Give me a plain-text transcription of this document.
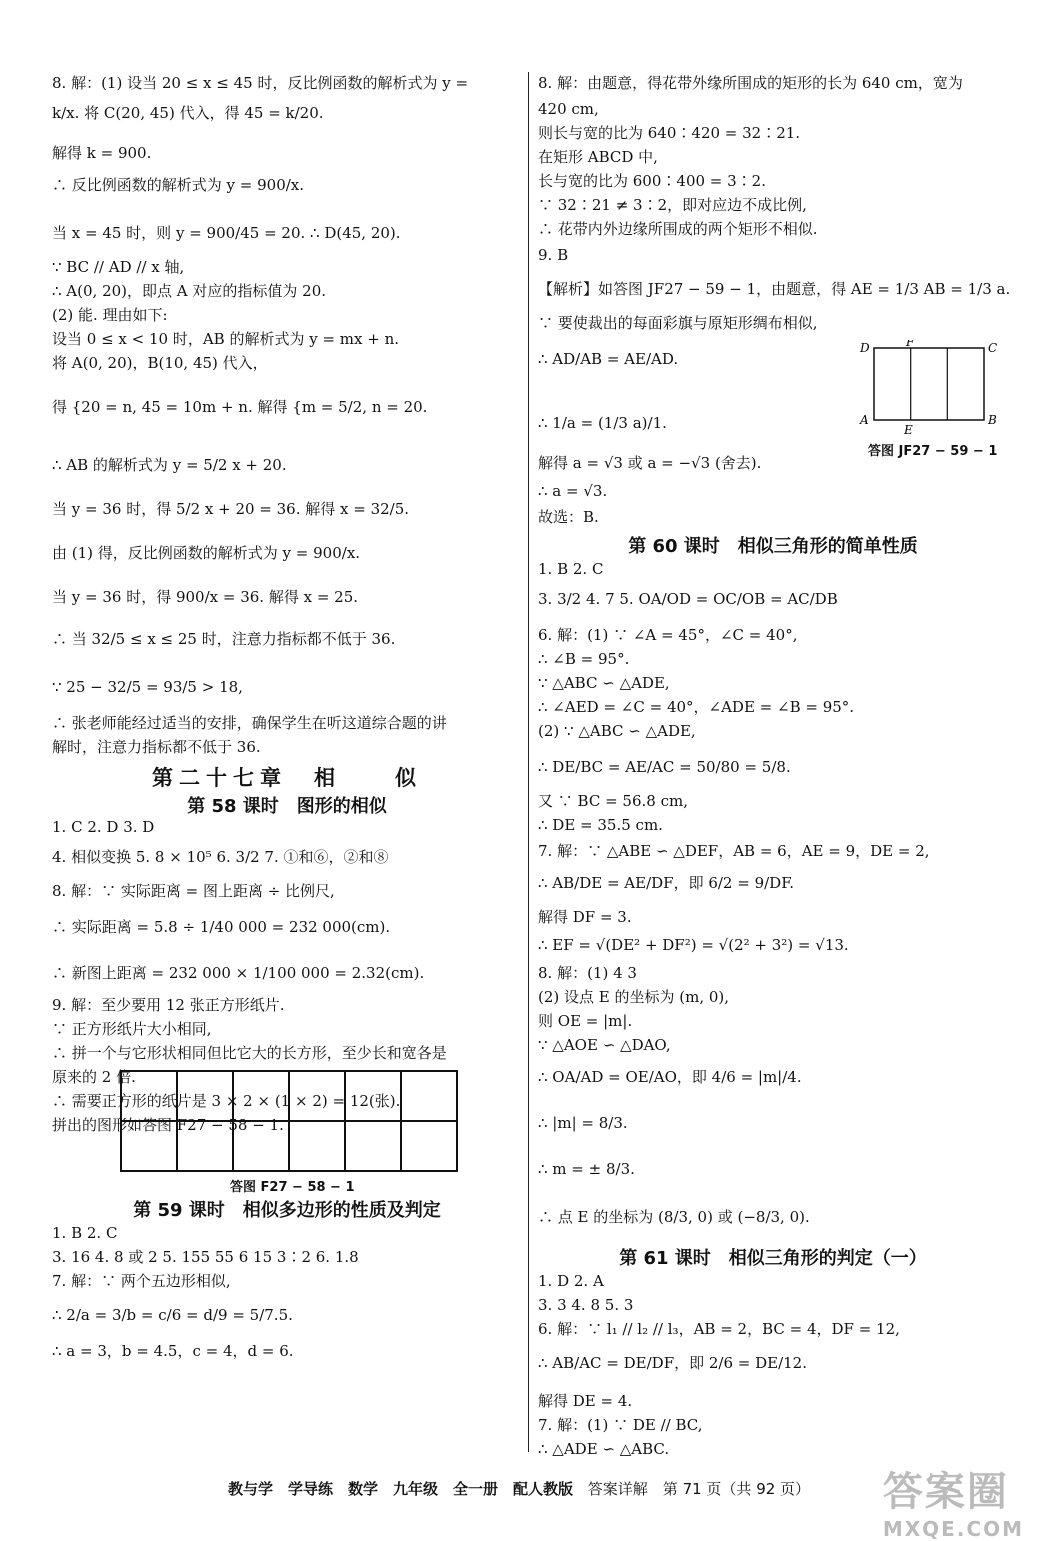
8. 解：(1) 设当 20 ≤ x ≤ 45 时，反比例函数的解析式为 y =
k/x. 将 C(20, 45) 代入，得 45 = k/20.
解得 k = 900.
∴ 反比例函数的解析式为 y = 900/x.
当 x = 45 时，则 y = 900/45 = 20. ∴ D(45, 20).
∵ BC // AD // x 轴,
∴ A(0, 20)，即点 A 对应的指标值为 20.
(2) 能. 理由如下:
设当 0 ≤ x < 10 时，AB 的解析式为 y = mx + n.
将 A(0, 20)，B(10, 45) 代入，
得 {20 = n, 45 = 10m + n. 解得 {m = 5/2, n = 20.
∴ AB 的解析式为 y = 5/2 x + 20.
当 y = 36 时，得 5/2 x + 20 = 36. 解得 x = 32/5.
由 (1) 得，反比例函数的解析式为 y = 900/x.
当 y = 36 时，得 900/x = 36. 解得 x = 25.
∴ 当 32/5 ≤ x ≤ 25 时，注意力指标都不低于 36.
∵ 25 − 32/5 = 93/5 > 18,
∴ 张老师能经过适当的安排，确保学生在听这道综合题的讲
解时，注意力指标都不低于 36.
第二十七章　相　　似
第 58 课时　图形的相似
1. C 2. D 3. D
4. 相似变换 5. 8 × 10⁵ 6. 3/2 7. ①和⑥，②和⑧
8. 解：∵ 实际距离 = 图上距离 ÷ 比例尺,
∴ 实际距离 = 5.8 ÷ 1/40 000 = 232 000(cm).
∴ 新图上距离 = 232 000 × 1/100 000 = 2.32(cm).
9. 解：至少要用 12 张正方形纸片.
∵ 正方形纸片大小相同,
∴ 拼一个与它形状相同但比它大的长方形，至少长和宽各是
原来的 2 倍.
∴ 需要正方形的纸片是 3 × 2 × (1 × 2) = 12(张).
拼出的图形如答图 F27 − 58 − 1.
答图 F27 − 58 − 1
第 59 课时　相似多边形的性质及判定
1. B 2. C
3. 16 4. 8 或 2 5. 155 55 6 15 3∶2 6. 1.8
7. 解：∵ 两个五边形相似,
∴ 2/a = 3/b = c/6 = d/9 = 5/7.5.
∴ a = 3，b = 4.5，c = 4，d = 6.
8. 解：由题意，得花带外缘所围成的矩形的长为 640 cm，宽为
420 cm,
则长与宽的比为 640∶420 = 32∶21.
在矩形 ABCD 中,
长与宽的比为 600∶400 = 3∶2.
∵ 32∶21 ≠ 3∶2，即对应边不成比例,
∴ 花带内外边缘所围成的两个矩形不相似.
9. B
【解析】如答图 JF27 − 59 − 1，由题意，得 AE = 1/3 AB = 1/3 a.
∵ 要使裁出的每面彩旗与原矩形绸布相似,
∴ AD/AB = AE/AD.
∴ 1/a = (1/3 a)/1.
解得 a = √3 或 a = −√3 (舍去).
∴ a = √3.
故选：B.
D	F	C
A
E
B
答图 JF27 − 59 − 1
第 60 课时　相似三角形的简单性质
1. B 2. C
3. 3/2 4. 7 5. OA/OD = OC/OB = AC/DB
6. 解：(1) ∵ ∠A = 45°，∠C = 40°,
∴ ∠B = 95°.
∵ △ABC ∽ △ADE,
∴ ∠AED = ∠C = 40°，∠ADE = ∠B = 95°.
(2) ∵ △ABC ∽ △ADE,
∴ DE/BC = AE/AC = 50/80 = 5/8.
又 ∵ BC = 56.8 cm,
∴ DE = 35.5 cm.
7. 解：∵ △ABE ∽ △DEF，AB = 6，AE = 9，DE = 2,
∴ AB/DE = AE/DF，即 6/2 = 9/DF.
解得 DF = 3.
∴ EF = √(DE² + DF²) = √(2² + 3²) = √13.
8. 解：(1) 4 3
(2) 设点 E 的坐标为 (m, 0),
则 OE = |m|.
∵ △AOE ∽ △DAO,
∴ OA/AD = OE/AO，即 4/6 = |m|/4.
∴ |m| = 8/3.
∴ m = ± 8/3.
∴ 点 E 的坐标为 (8/3, 0) 或 (−8/3, 0).
第 61 课时　相似三角形的判定（一）
1. D 2. A
3. 3 4. 8 5. 3
6. 解：∵ l₁ // l₂ // l₃，AB = 2，BC = 4，DF = 12,
∴ AB/AC = DE/DF，即 2/6 = DE/12.
解得 DE = 4.
7. 解：(1) ∵ DE // BC,
∴ △ADE ∽ △ABC.
教与学　学导练　数学　九年级　全一册　配人教版 答案详解　第 71 页（共 92 页） 答案圈
MXQE.COM
